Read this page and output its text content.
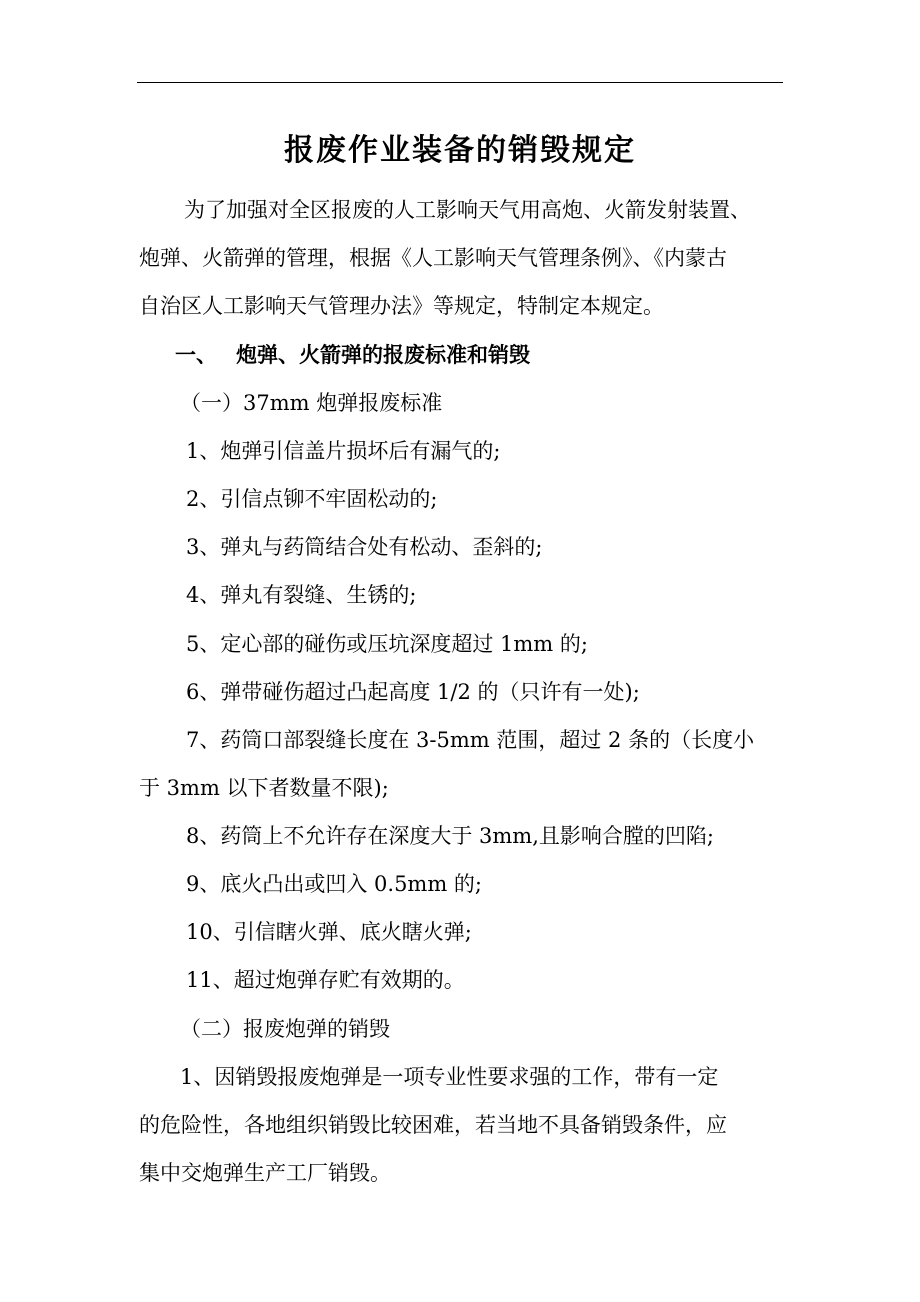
报废作业装备的销毁规定
为了加强对全区报废的人工影响天气用高炮、火箭发射装置、
炮弹、火箭弹的管理，根据《人工影响天气管理条例》、《内蒙古
自治区人工影响天气管理办法》等规定，特制定本规定。
一、 炮弹、火箭弹的报废标准和销毁
（一）37mm 炮弹报废标准
1、炮弹引信盖片损坏后有漏气的;
2、引信点铆不牢固松动的;
3、弹丸与药筒结合处有松动、歪斜的;
4、弹丸有裂缝、生锈的;
5、定心部的碰伤或压坑深度超过 1mm 的;
6、弹带碰伤超过凸起高度 1/2 的（只许有一处);
7、药筒口部裂缝长度在 3-5mm 范围，超过 2 条的（长度小
于 3mm 以下者数量不限);
8、药筒上不允许存在深度大于 3mm,且影响合膛的凹陷;
9、底火凸出或凹入 0.5mm 的;
10、引信瞎火弹、底火瞎火弹;
11、超过炮弹存贮有效期的。
（二）报废炮弹的销毁
1、因销毁报废炮弹是一项专业性要求强的工作，带有一定
的危险性，各地组织销毁比较困难，若当地不具备销毁条件，应
集中交炮弹生产工厂销毁。
